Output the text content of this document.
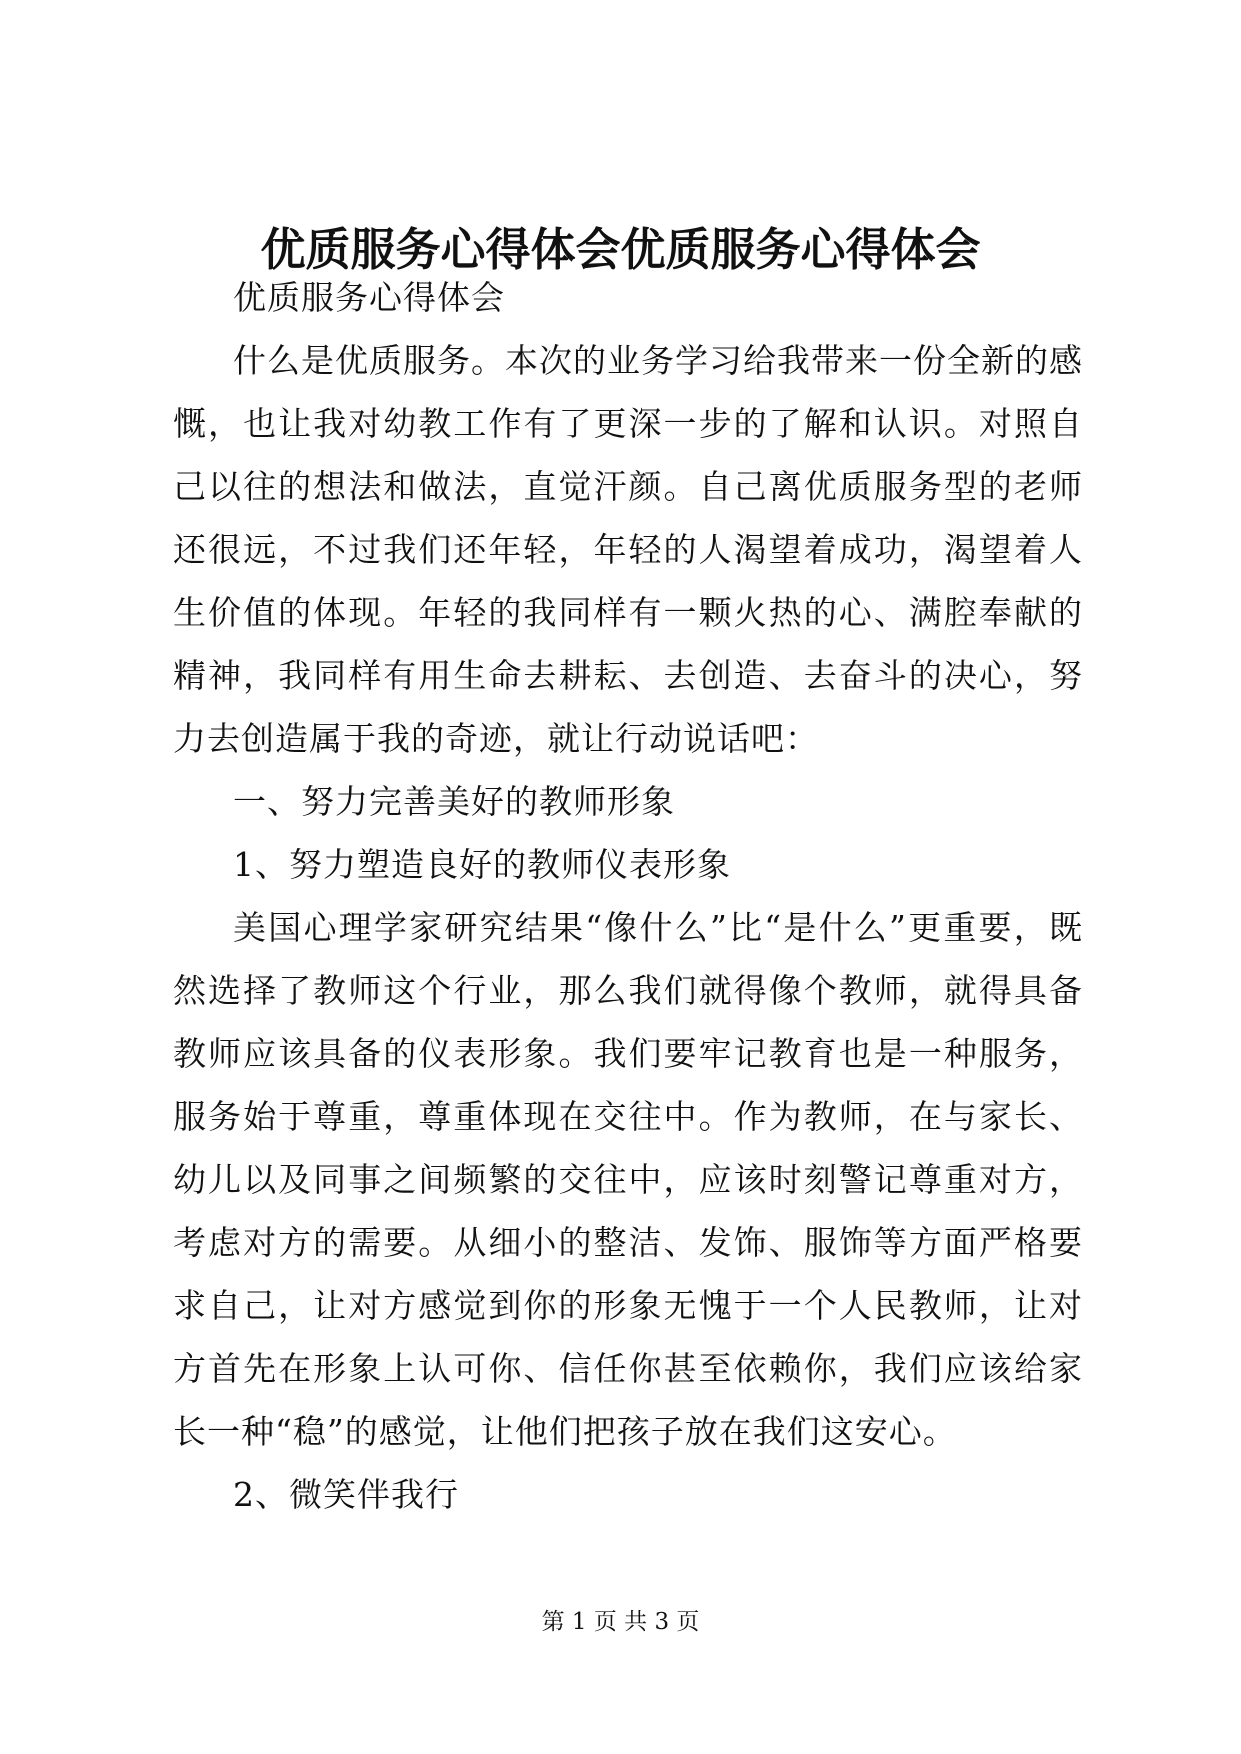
优质服务心得体会优质服务心得体会

优质服务心得体会

什么是优质服务。本次的业务学习给我带来一份全新的感慨，也让我对幼教工作有了更深一步的了解和认识。对照自己以往的想法和做法，直觉汗颜。自己离优质服务型的老师还很远，不过我们还年轻，年轻的人渴望着成功，渴望着人生价值的体现。年轻的我同样有一颗火热的心、满腔奉献的精神，我同样有用生命去耕耘、去创造、去奋斗的决心，努力去创造属于我的奇迹，就让行动说话吧：

一、努力完善美好的教师形象

1、努力塑造良好的教师仪表形象

美国心理学家研究结果“像什么”比“是什么”更重要，既然选择了教师这个行业，那么我们就得像个教师，就得具备教师应该具备的仪表形象。我们要牢记教育也是一种服务，服务始于尊重，尊重体现在交往中。作为教师，在与家长、幼儿以及同事之间频繁的交往中，应该时刻警记尊重对方，考虑对方的需要。从细小的整洁、发饰、服饰等方面严格要求自己，让对方感觉到你的形象无愧于一个人民教师，让对方首先在形象上认可你、信任你甚至依赖你，我们应该给家长一种“稳”的感觉，让他们把孩子放在我们这安心。

2、微笑伴我行

第 1 页 共 3 页
